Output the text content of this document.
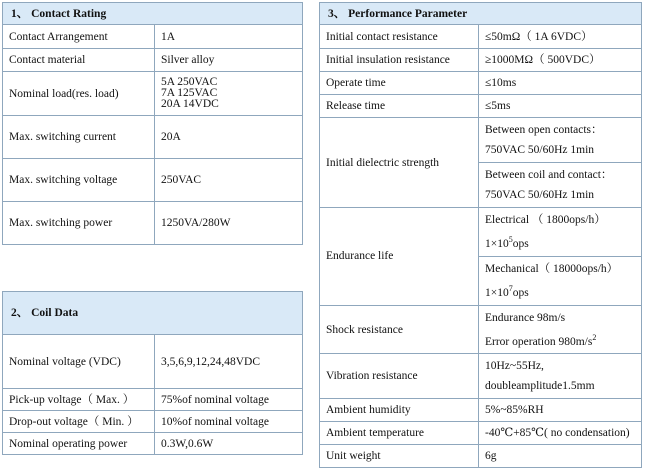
1、 Contact Rating	
Contact Arrangement	1A
Contact material	Silver alloy
Nominal load(res. load)	5A 250VAC
7A 125VAC
20A 14VDC

Max. switching current	20A
Max. switching voltage	250VAC
Max. switching power	1250VA/280W
2、 Coil Data	
Nominal voltage (VDC)	3,5,6,9,12,24,48VDC
Pick-up voltage（ Max. ）	75%of nominal voltage
Drop-out voltage（ Min. ）	10%of nominal voltage
Nominal operating power	0.3W,0.6W
3、 Performance Parameter	
Initial contact resistance	≤50mΩ（ 1A 6VDC）
Initial insulation resistance	≥1000MΩ（ 500VDC）
Operate time	≤10ms
Release time	≤5ms
Initial dielectric strength	Between open contacts：
750VAC 50/60Hz 1min

	Between coil and contact：
750VAC 50/60Hz 1min

Endurance life	Electrical （ 1800ops/h）
$1\times 10^5ops$

	Mechanical（ 18000ops/h）
$1\times 10^7ops$

Shock resistance	Endurance 98m/s
Error operation $980m/s^2$

Vibration resistance	10Hz~55Hz,
doubleamplitude1.5mm

Ambient humidity	5%~85%RH
Ambient temperature	-40℃+85℃( no condensation)
Unit weight	6g
